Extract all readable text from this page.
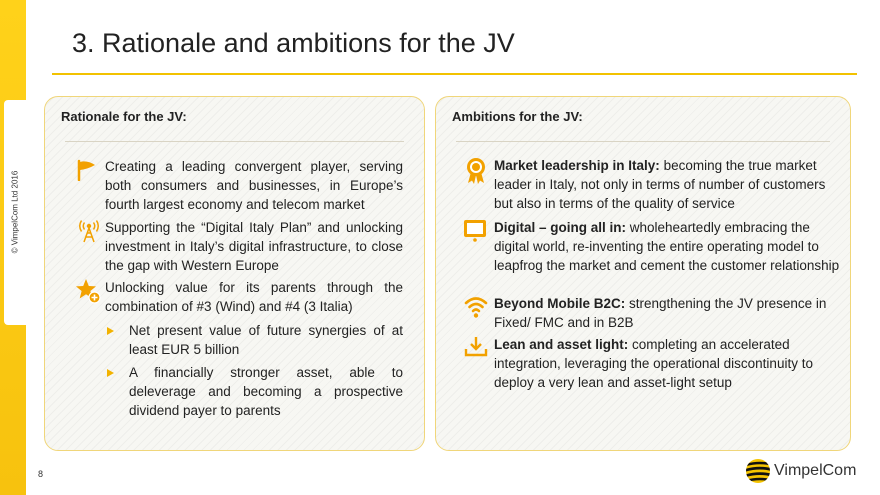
© VimpelCom Ltd 2016
3. Rationale and ambitions for the JV
Rationale for the JV:
Creating a leading convergent player, serving both consumers and businesses, in Europe’s fourth largest economy and telecom market
Supporting the “Digital Italy Plan” and unlocking investment in Italy’s digital infrastructure, to close the gap with Western Europe
Unlocking value for its parents through the combination of #3 (Wind) and #4 (3 Italia)
Net present value of future synergies of at least EUR 5 billion
A financially stronger asset, able to deleverage and becoming a prospective dividend payer to parents
Ambitions for the JV:
Market leadership in Italy: becoming the true market leader in Italy, not only in terms of number of customers but also in terms of the quality of service
Digital – going all in: wholeheartedly embracing the digital world, re-inventing the entire operating model to leapfrog the market and cement the customer relationship
Beyond Mobile B2C: strengthening the JV presence in Fixed/ FMC and in B2B
Lean and asset light: completing an accelerated integration, leveraging the operational discontinuity to deploy a very lean and asset-light setup
8	VimpelCom
